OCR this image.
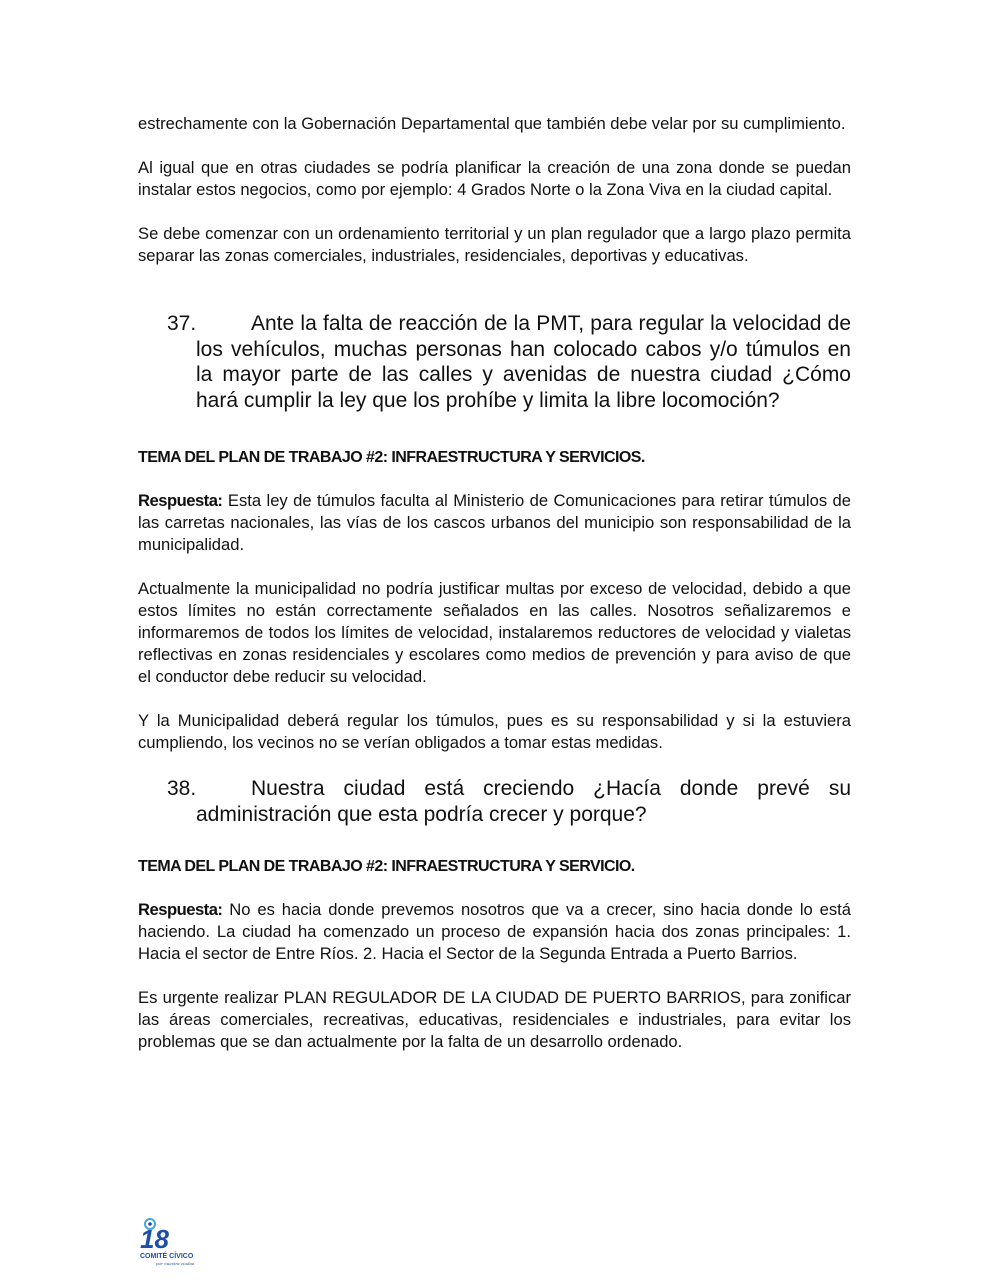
estrechamente con la Gobernación Departamental que también debe velar por su cumplimiento.

Al igual que en otras ciudades se podría planificar la creación de una zona donde se puedan instalar estos negocios, como por ejemplo: 4 Grados Norte o la Zona Viva en la ciudad capital.

Se debe comenzar con un ordenamiento territorial y un plan regulador que a largo plazo permita separar las zonas comerciales, industriales, residenciales, deportivas y educativas.

37.	Ante la falta de reacción de la PMT, para regular la velocidad de los vehículos, muchas personas han colocado cabos y/o túmulos en la mayor parte de las calles y avenidas de nuestra ciudad ¿Cómo hará cumplir la ley que los prohíbe y limita la libre locomoción?

TEMA DEL PLAN DE TRABAJO #2: INFRAESTRUCTURA Y SERVICIOS.

Respuesta: Esta ley de túmulos faculta al Ministerio de Comunicaciones para retirar túmulos de las carretas nacionales, las vías de los cascos urbanos del municipio son responsabilidad de la municipalidad.

Actualmente la municipalidad no podría justificar multas por exceso de velocidad, debido a que estos límites no están correctamente señalados en las calles. Nosotros señalizaremos e informaremos de todos los límites de velocidad, instalaremos reductores de velocidad y vialetas reflectivas en zonas residenciales y escolares como medios de prevención y para aviso de que el conductor debe reducir su velocidad.

Y la Municipalidad deberá regular los túmulos, pues es su responsabilidad y si la estuviera cumpliendo, los vecinos no se verían obligados a tomar estas medidas.

38.	Nuestra ciudad está creciendo ¿Hacía donde prevé su administración que esta podría crecer y porque?

TEMA DEL PLAN DE TRABAJO #2: INFRAESTRUCTURA Y SERVICIO.

Respuesta: No es hacia donde prevemos nosotros que va a crecer, sino hacia donde lo está haciendo. La ciudad ha comenzado un proceso de expansión hacia dos zonas principales: 1. Hacia el sector de Entre Ríos. 2. Hacia el Sector de la Segunda Entrada a Puerto Barrios.

Es urgente realizar PLAN REGULADOR DE LA CIUDAD DE PUERTO BARRIOS, para zonificar las áreas comerciales, recreativas, educativas, residenciales e industriales, para evitar los problemas que se dan actualmente por la falta de un desarrollo ordenado.

18
COMITÉ CÍVICO
por nuestra ciudad
